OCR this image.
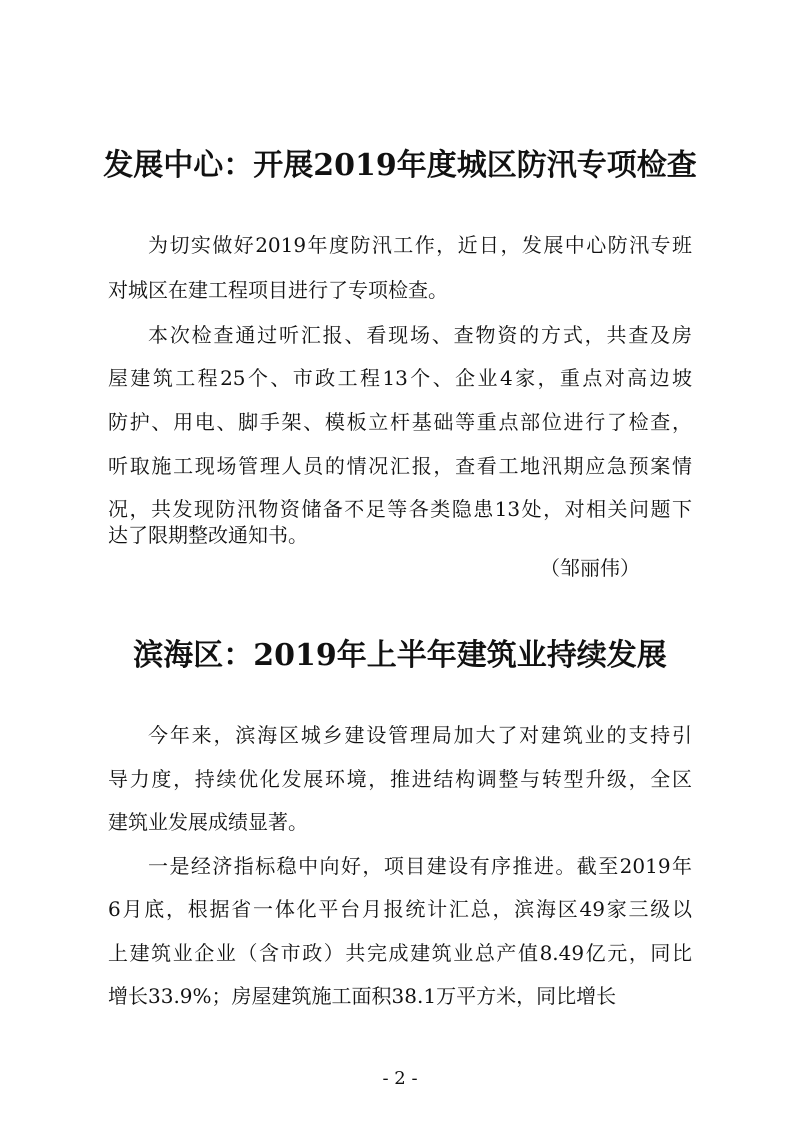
发展中心：开展2019年度城区防汛专项检查

为切实做好2019年度防汛工作，近日，发展中心防汛专班

对城区在建工程项目进行了专项检查。

本次检查通过听汇报、看现场、查物资的方式，共查及房

屋建筑工程25个、市政工程13个、企业4家，重点对高边坡

防护、用电、脚手架、模板立杆基础等重点部位进行了检查，

听取施工现场管理人员的情况汇报，查看工地汛期应急预案情

况，共发现防汛物资储备不足等各类隐患13处，对相关问题下

达了限期整改通知书。

（邹丽伟）
滨海区：2019年上半年建筑业持续发展

今年来，滨海区城乡建设管理局加大了对建筑业的支持引

导力度，持续优化发展环境，推进结构调整与转型升级，全区

建筑业发展成绩显著。

一是经济指标稳中向好，项目建设有序推进。截至2019年

6月底，根据省一体化平台月报统计汇总，滨海区49家三级以

上建筑业企业（含市政）共完成建筑业总产值8.49亿元，同比

增长33.9%；房屋建筑施工面积38.1万平方米，同比增长

- 2 -
